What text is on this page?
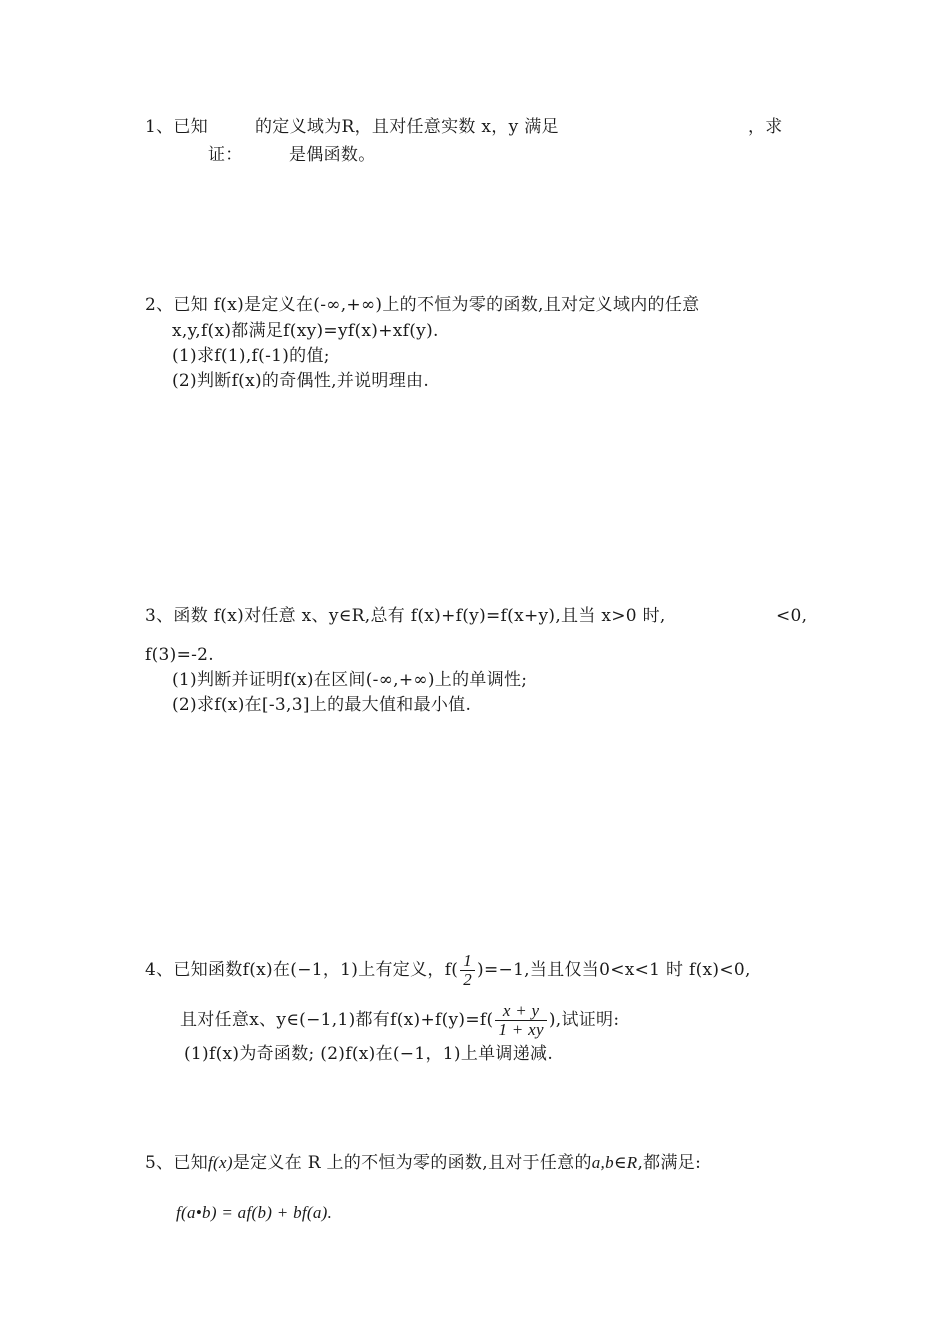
1、已知	的定义域为R，且对任意实数 x，y 满足	，求
证：	是偶函数。
2、已知 f(x)是定义在(-∞,+∞)上的不恒为零的函数,且对定义域内的任意
x,y,f(x)都满足f(xy)=yf(x)+xf(y).
(1)求f(1),f(-1)的值;
(2)判断f(x)的奇偶性,并说明理由.
3、函数 f(x)对任意 x、y∈R,总有 f(x)+f(y)=f(x+y),且当 x>0 时,	<0,
f(3)=-2.
(1)判断并证明f(x)在区间(-∞,+∞)上的单调性;
(2)求f(x)在[-3,3]上的最大值和最小值.
4、已知函数f(x)在(−1，1)上有定义，$f( \frac{1}{2} )=-1$,当且仅当0<x<1 时 f(x)<0,
且对任意x、y∈(−1,1)都有$f(x)+f(y)=f( \frac{x + y}{1 + xy}$ ),试证明:
(1)f(x)为奇函数; (2)f(x)在(−1，1)上单调递减.
5、已知f(x)是定义在 R 上的不恒为零的函数,且对于任意的a,b∈R,都满足:
f(a•b) = af(b) + bf(a).
